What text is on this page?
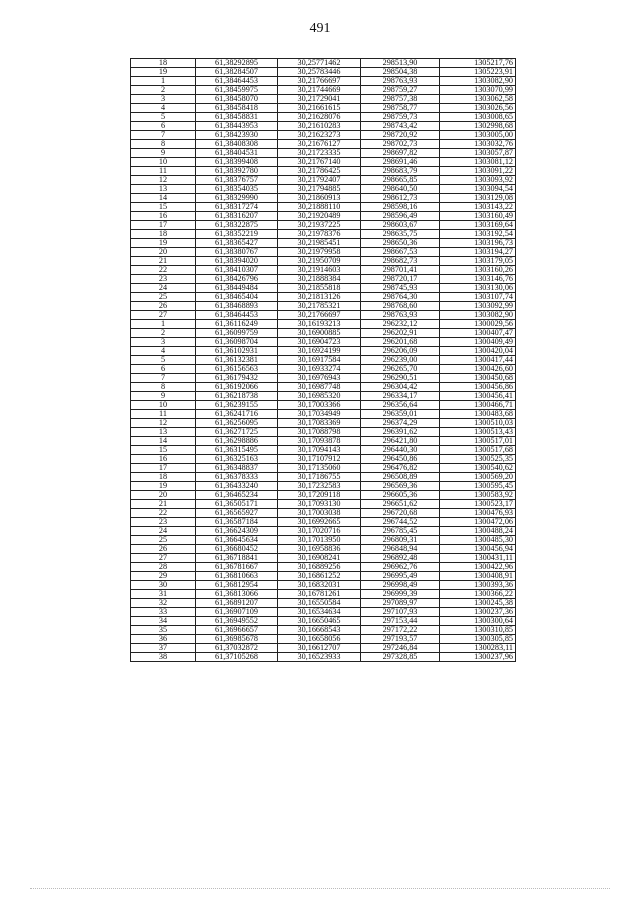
491
18	61,38292895	30,25771462	298513,90	1305217,76
19	61,38284507	30,25783446	298504,38	1305223,91
1	61,38464453	30,21766697	298763,93	1303082,90
2	61,38459975	30,21744669	298759,27	1303070,99
3	61,38458070	30,21729041	298757,38	1303062,58
4	61,38458418	30,21661615	298758,77	1303026,56
5	61,38458831	30,21628076	298759,73	1303008,65
6	61,38443953	30,21610283	298743,42	1302998,68
7	61,38423930	30,21623273	298720,92	1303005,00
8	61,38408308	30,21676127	298702,73	1303032,76
9	61,38404531	30,21723335	298697,82	1303057,87
10	61,38399408	30,21767140	298691,46	1303081,12
11	61,38392780	30,21786425	298683,79	1303091,22
12	61,38376757	30,21792407	298665,85	1303093,92
13	61,38354035	30,21794885	298640,50	1303094,54
14	61,38329990	30,21860913	298612,73	1303129,08
15	61,38317274	30,21888110	298598,16	1303143,22
16	61,38316207	30,21920489	298596,49	1303160,49
17	61,38322875	30,21937225	298603,67	1303169,64
18	61,38352219	30,21978376	298635,75	1303192,54
19	61,38365427	30,21985451	298650,36	1303196,73
20	61,38380767	30,21979958	298667,53	1303194,27
21	61,38394020	30,21950709	298682,73	1303179,05
22	61,38410307	30,21914603	298701,41	1303160,26
23	61,38426796	30,21888384	298720,17	1303146,76
24	61,38449484	30,21855818	298745,93	1303130,06
25	61,38465404	30,21813126	298764,30	1303107,74
26	61,38468893	30,21785321	298768,60	1303092,99
27	61,38464453	30,21766697	298763,93	1303082,90
1	61,36116249	30,16193213	296232,12	1300029,56
2	61,36099759	30,16900885	296202,91	1300407,47
3	61,36098704	30,16904723	296201,68	1300409,49
4	61,36102931	30,16924199	296206,09	1300420,04
5	61,36132381	30,16917584	296239,00	1300417,44
6	61,36156563	30,16933274	296265,70	1300426,60
7	61,36179432	30,16976943	296290,51	1300450,68
8	61,36192066	30,16987748	296304,42	1300456,86
9	61,36218738	30,16985320	296334,17	1300456,41
10	61,36239155	30,17003366	296356,64	1300466,71
11	61,36241716	30,17034949	296359,01	1300483,68
12	61,36256095	30,17083369	296374,29	1300510,03
13	61,36271725	30,17088798	296391,62	1300513,43
14	61,36298886	30,17093878	296421,80	1300517,01
15	61,36315495	30,17094143	296440,30	1300517,68
16	61,36325163	30,17107912	296450,86	1300525,35
17	61,36348837	30,17135060	296476,82	1300540,62
18	61,36378333	30,17186755	296508,89	1300569,20
19	61,36433240	30,17232583	296569,36	1300595,45
20	61,36465234	30,17209118	296605,36	1300583,92
21	61,36505171	30,17093130	296651,62	1300523,17
22	61,36565927	30,17003038	296720,68	1300476,93
23	61,36587184	30,16992665	296744,52	1300472,06
24	61,36624309	30,17020716	296785,45	1300488,24
25	61,36645634	30,17013950	296809,31	1300485,30
26	61,36680452	30,16958836	296848,94	1300456,94
27	61,36718841	30,16908241	296892,48	1300431,11
28	61,36781667	30,16889256	296962,76	1300422,96
29	61,36810663	30,16861252	296995,49	1300408,91
30	61,36812954	30,16832031	296998,49	1300393,36
31	61,36813066	30,16781261	296999,39	1300366,22
32	61,36891207	30,16550584	297089,97	1300245,38
33	61,36907109	30,16534634	297107,93	1300237,36
34	61,36949552	30,16650465	297153,44	1300300,64
35	61,36966657	30,16668543	297172,22	1300310,85
36	61,36985678	30,16658056	297193,57	1300305,85
37	61,37032872	30,16612707	297246,84	1300283,11
38	61,37105268	30,16523933	297328,85	1300237,96
